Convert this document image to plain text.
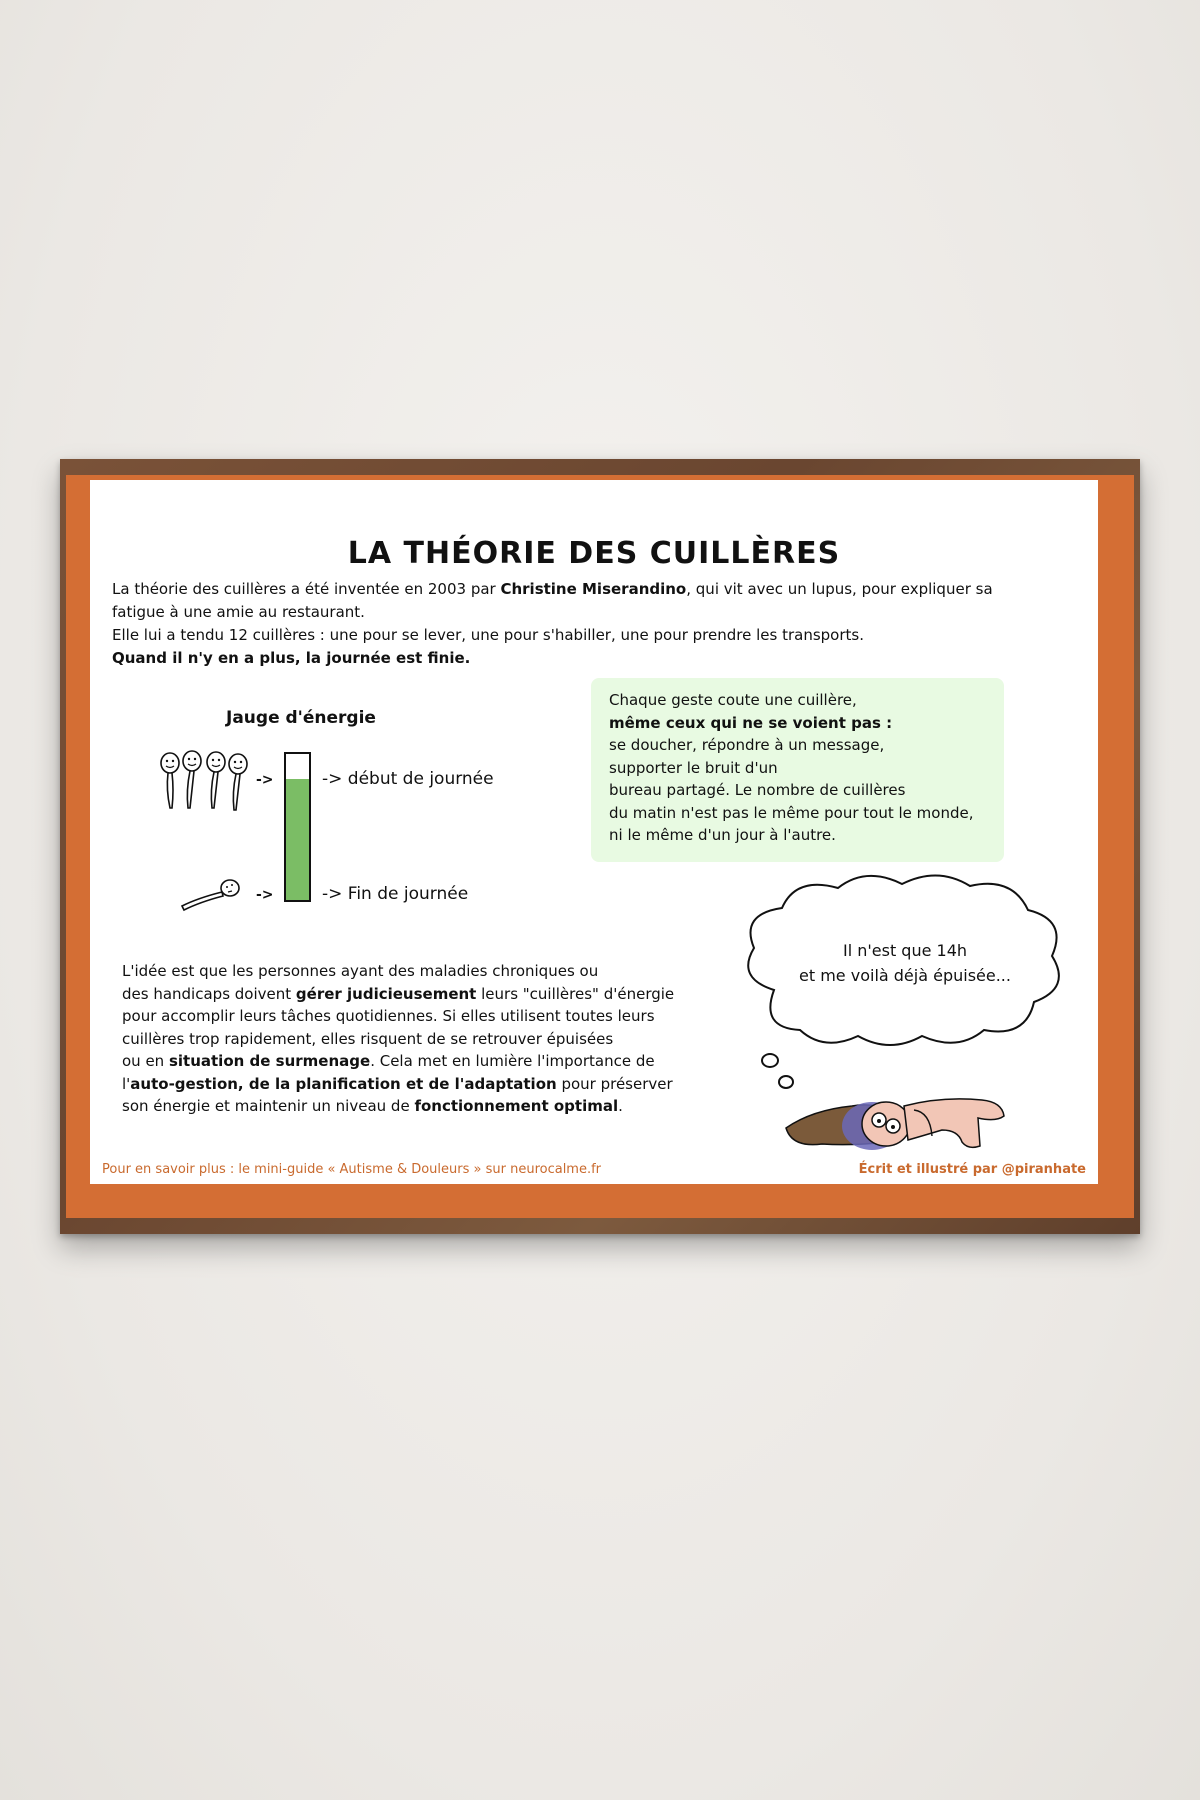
LA THÉORIE DES CUILLÈRES

La théorie des cuillères a été inventée en 2003 par Christine Miserandino, qui vit avec un lupus, pour expliquer sa

fatigue à une amie au restaurant.

Elle lui a tendu 12 cuillères : une pour se lever, une pour s'habiller, une pour prendre les transports.

Quand il n'y en a plus, la journée est finie.

Jauge d'énergie
->	-> début de journée
->	-> Fin de journée
Chaque geste coute une cuillère,
même ceux qui ne se voient pas :
se doucher, répondre à un message,
supporter le bruit d'un
bureau partagé. Le nombre de cuillères
du matin n'est pas le même pour tout le monde,
ni le même d'un jour à l'autre.
Il n'est que 14h
et me voilà déjà épuisée...
L'idée est que les personnes ayant des maladies chroniques ou
des handicaps doivent gérer judicieusement leurs "cuillères" d'énergie
pour accomplir leurs tâches quotidiennes. Si elles utilisent toutes leurs
cuillères trop rapidement, elles risquent de se retrouver épuisées
ou en situation de surmenage. Cela met en lumière l'importance de
l'auto-gestion, de la planification et de l'adaptation pour préserver
son énergie et maintenir un niveau de fonctionnement optimal.
Pour en savoir plus : le mini-guide « Autisme & Douleurs » sur neurocalme.fr	Écrit et illustré par @piranhate
